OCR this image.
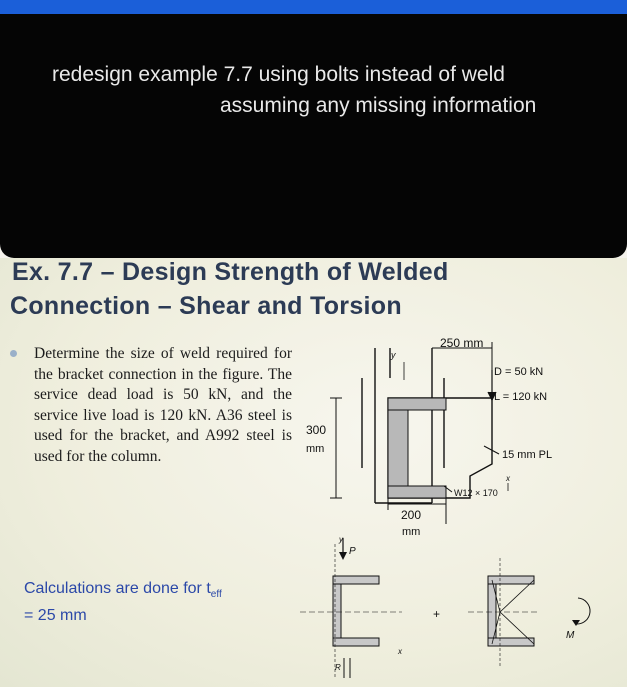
redesign example 7.7 using bolts instead of weld
assuming any missing information
Ex. 7.7 – Design Strength of Welded
Connection – Shear and Torsion
Determine the size of weld required for the bracket connection in the figure. The service dead load is 50 kN, and the service live load is 120 kN. A36 steel is used for the bracket, and A992 steel is used for the column.
Calculations are done for $t_{eff} = 25$ mm
250 mm
D = 50 kN
L = 120 kN
15 mm PL
W12 × 170
x
y
300
mm
200
mm
y
P
x
R
+
M
